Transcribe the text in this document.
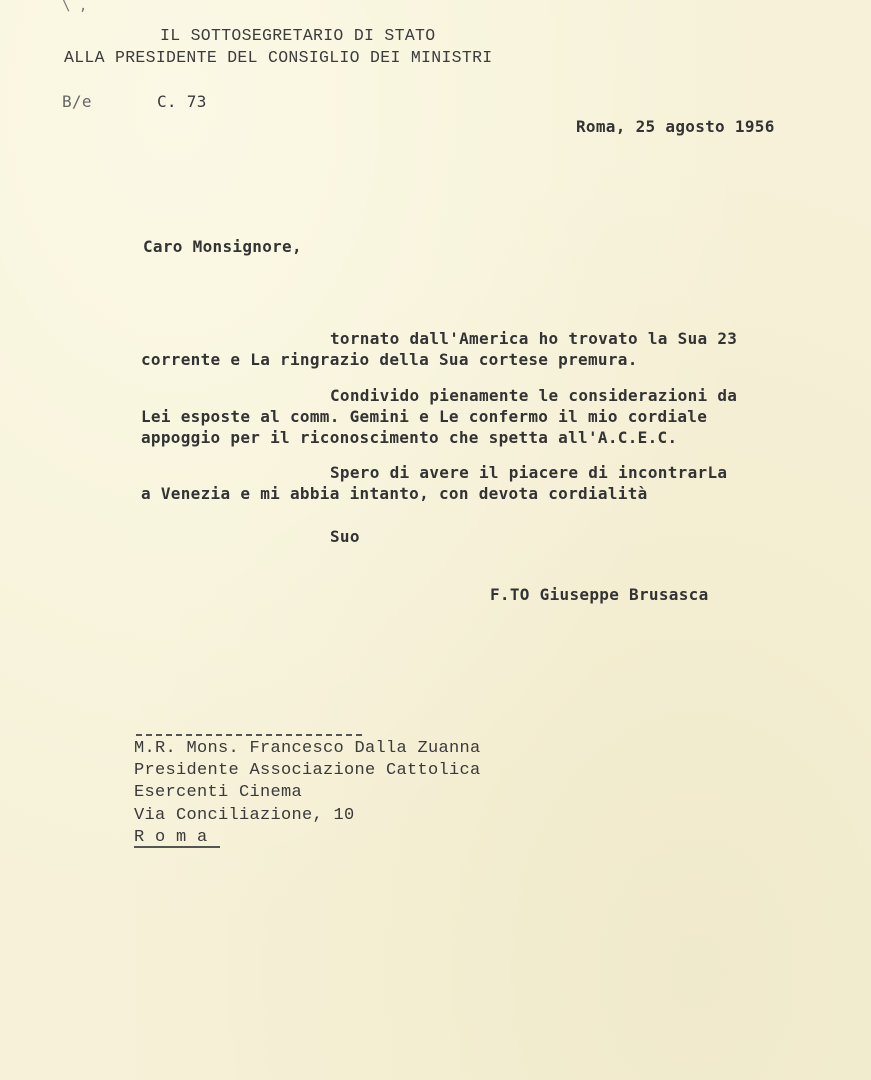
\ ,
IL SOTTOSEGRETARIO DI STATO
ALLA PRESIDENTE DEL CONSIGLIO DEI MINISTRI
B/e	C. 73
Roma, 25 agosto 1956
Caro Monsignore,
tornato dall'America ho trovato la Sua 23
corrente e La ringrazio della Sua cortese premura.
Condivido pienamente le considerazioni da
Lei esposte al comm. Gemini e Le confermo il mio cordiale
appoggio per il riconoscimento che spetta all'A.C.E.C.
Spero di avere il piacere di incontrarLa
a Venezia e mi abbia intanto, con devota cordialità
Suo
F.TO Giuseppe Brusasca
M.R. Mons. Francesco Dalla Zuanna
Presidente Associazione Cattolica
Esercenti Cinema
Via Conciliazione, 10
R o m a
